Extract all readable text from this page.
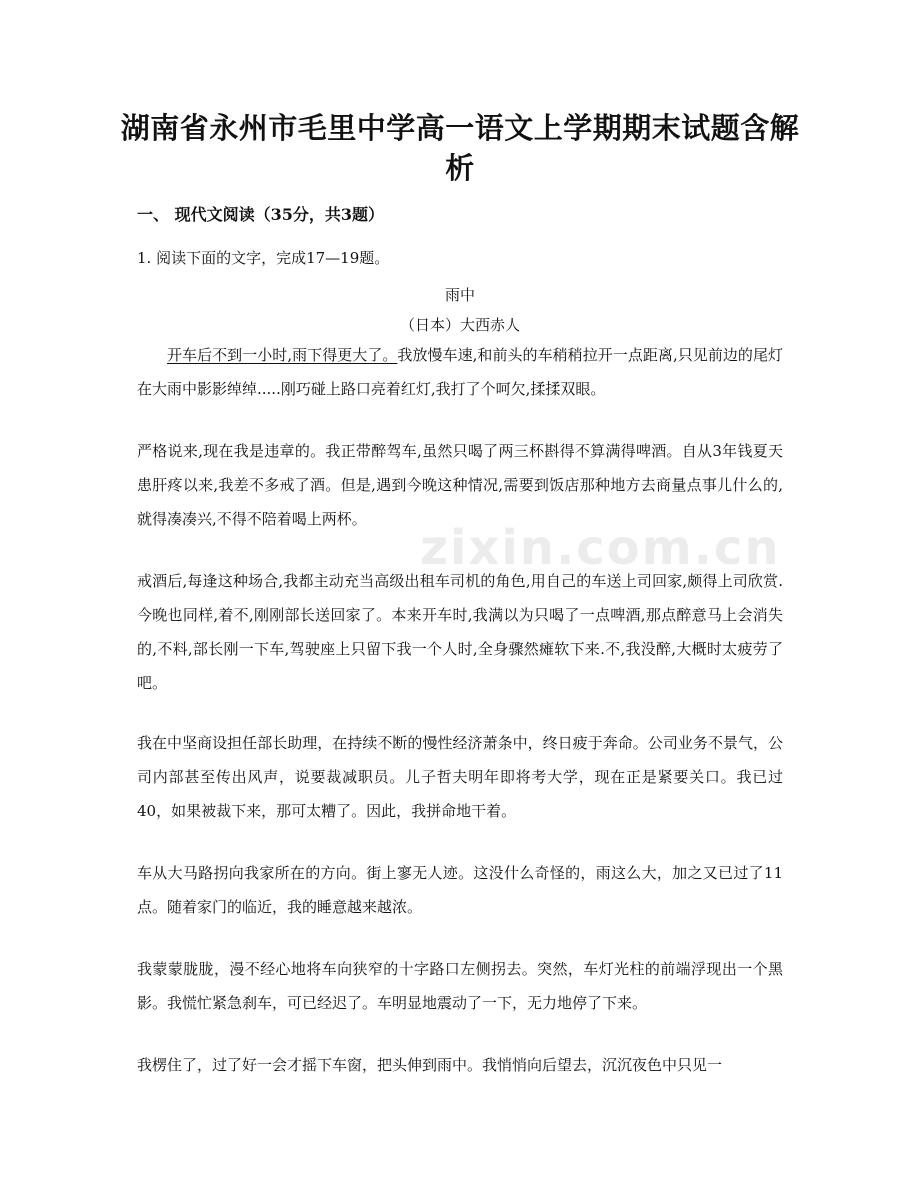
zixin.com.cn
湖南省永州市毛里中学高一语文上学期期末试题含解析
一、 现代文阅读（35分，共3题）
1. 阅读下面的文字，完成17—19题。
雨中
（日本）大西赤人
开车后不到一小时,雨下得更大了。我放慢车速,和前头的车稍稍拉开一点距离,只见前边的尾灯在大雨中影影绰绰.....刚巧碰上路口亮着红灯,我打了个呵欠,揉揉双眼。
严格说来,现在我是违章的。我正带醉驾车,虽然只喝了两三杯斟得不算满得啤酒。自从3年钱夏天患肝疼以来,我差不多戒了酒。但是,遇到今晚这种情况,需要到饭店那种地方去商量点事儿什么的,就得凑凑兴,不得不陪着喝上两杯。
戒酒后,每逢这种场合,我都主动充当高级出租车司机的角色,用自己的车送上司回家,颇得上司欣赏.今晚也同样,着不,刚刚部长送回家了。本来开车时,我满以为只喝了一点啤酒,那点醉意马上会消失的,不料,部长刚一下车,驾驶座上只留下我一个人时,全身骤然瘫软下来.不,我没醉,大概时太疲劳了吧。
我在中坚商设担任部长助理，在持续不断的慢性经济萧条中，终日疲于奔命。公司业务不景气，公司内部甚至传出风声，说要裁减职员。儿子哲夫明年即将考大学，现在正是紧要关口。我已过40，如果被裁下来，那可太糟了。因此，我拼命地干着。
车从大马路拐向我家所在的方向。街上寥无人迹。这没什么奇怪的，雨这么大，加之又已过了11点。随着家门的临近，我的睡意越来越浓。
我蒙蒙胧胧，漫不经心地将车向狭窄的十字路口左侧拐去。突然，车灯光柱的前端浮现出一个黑影。我慌忙紧急刹车，可已经迟了。车明显地震动了一下，无力地停了下来。
我楞住了，过了好一会才摇下车窗，把头伸到雨中。我悄悄向后望去，沉沉夜色中只见一
